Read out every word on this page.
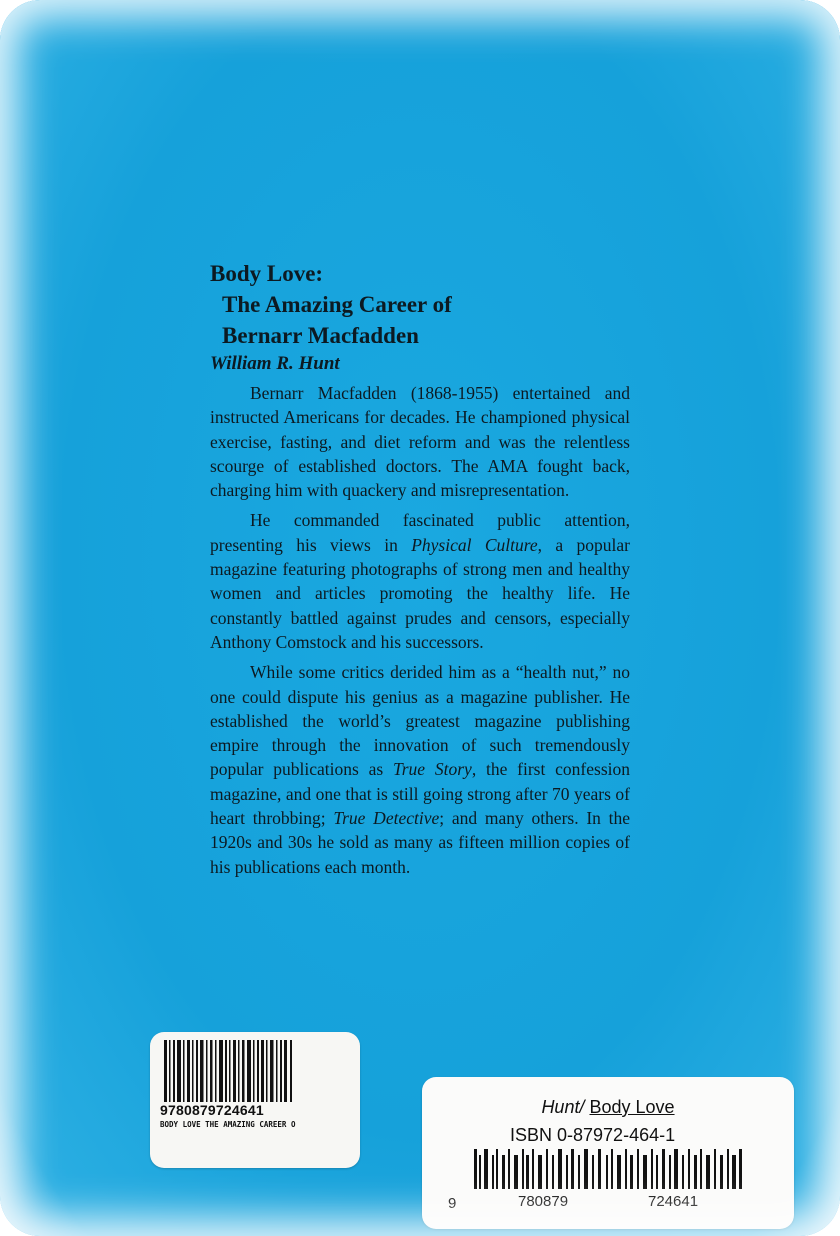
Body Love:

The Amazing Career of

Bernarr Macfadden

William R. Hunt

Bernarr Macfadden (1868-1955) entertained and instructed Americans for decades. He championed physical exercise, fasting, and diet reform and was the relentless scourge of established doctors. The AMA fought back, charging him with quackery and misrepresentation.

He commanded fascinated public attention, presenting his views in Physical Culture, a popular magazine featuring photographs of strong men and healthy women and articles promoting the healthy life. He constantly battled against prudes and censors, especially Anthony Comstock and his successors.

While some critics derided him as a “health nut,” no one could dispute his genius as a magazine publisher. He established the world’s greatest magazine publishing empire through the innovation of such tremendously popular publications as True Story, the first confession magazine, and one that is still going strong after 70 years of heart throbbing; True Detective; and many others. In the 1920s and 30s he sold as many as fifteen million copies of his publications each month.

9780879724641
BODY LOVE THE AMAZING CAREER O
Hunt/ Body Love
ISBN 0-87972-464-1
9	780879	724641
